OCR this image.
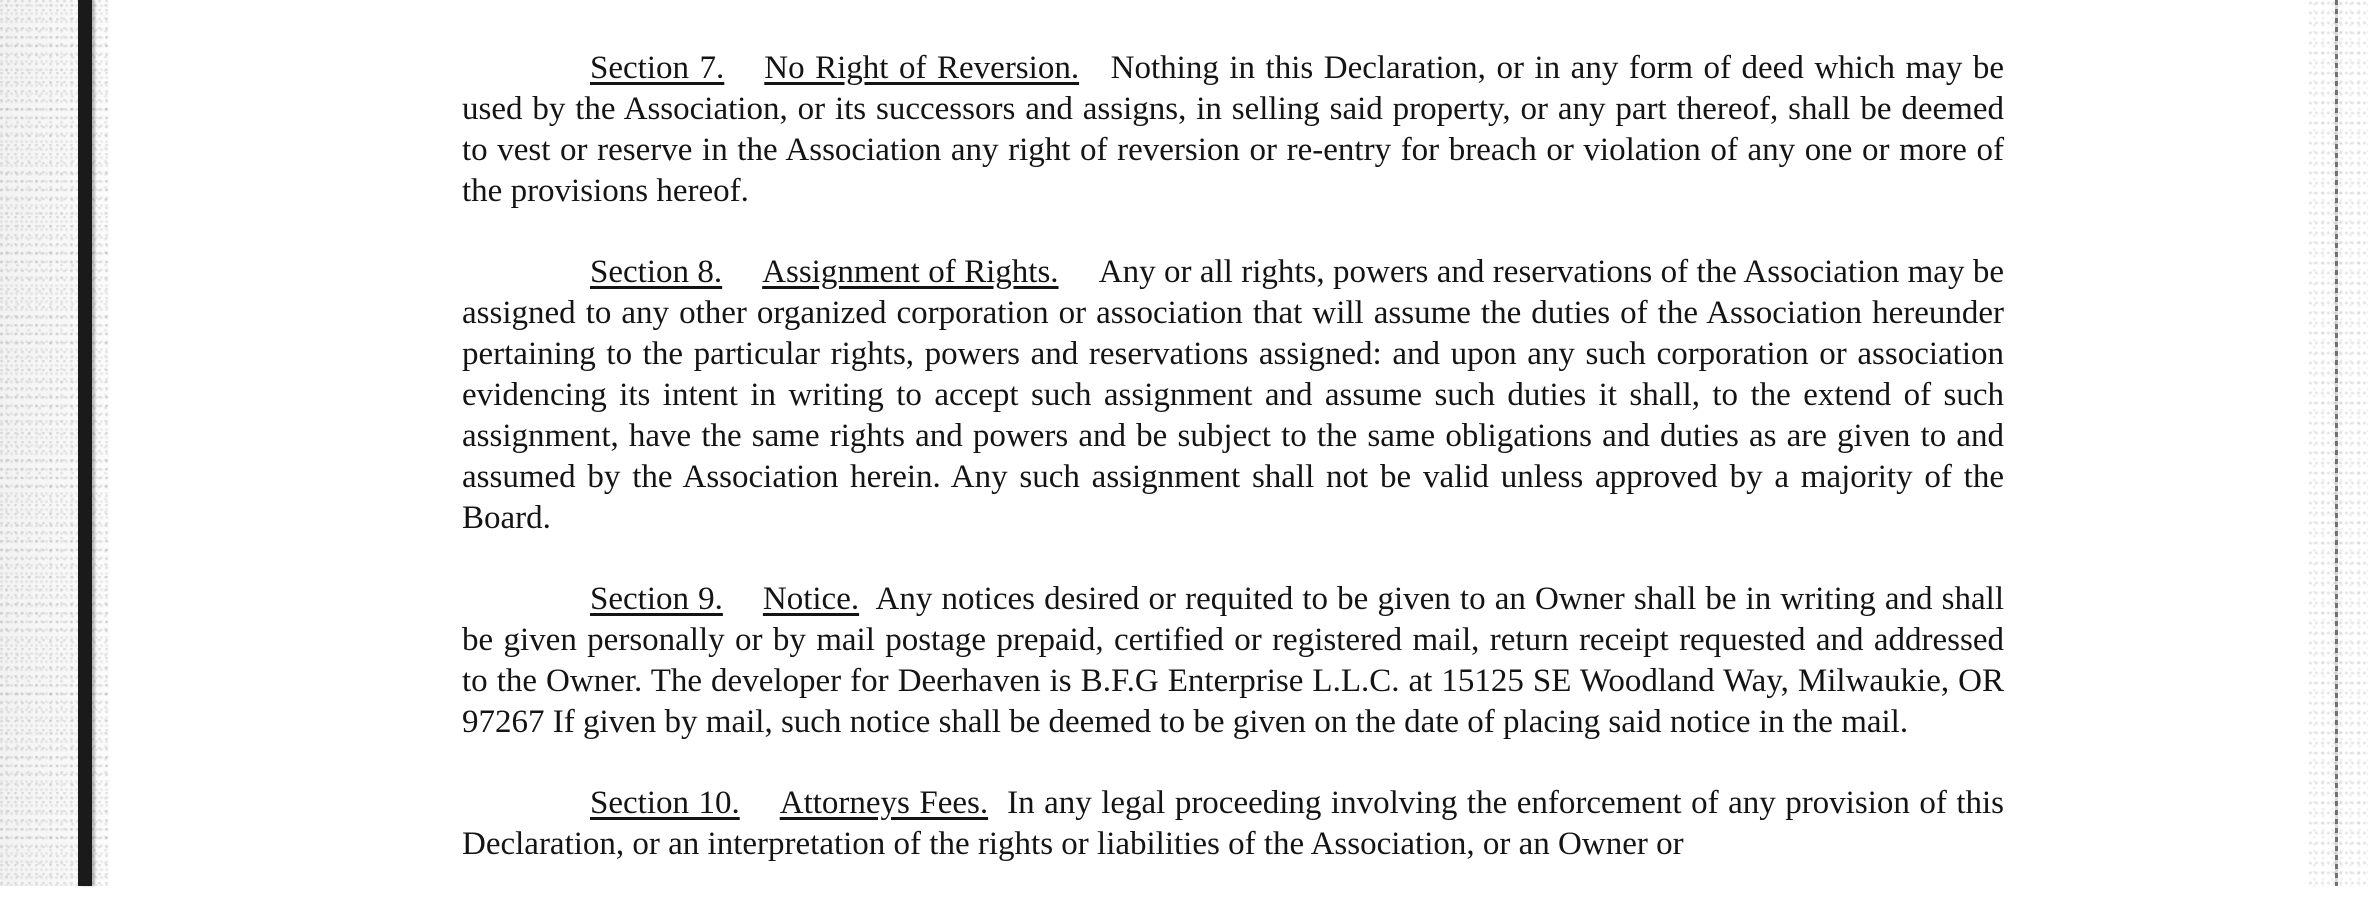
Section 7. No Right of Reversion. Nothing in this Declaration, or in any form of deed which may be used by the Association, or its successors and assigns, in selling said property, or any part thereof, shall be deemed to vest or reserve in the Association any right of reversion or re-entry for breach or violation of any one or more of the provisions hereof.

Section 8. Assignment of Rights. Any or all rights, powers and reservations of the Association may be assigned to any other organized corporation or association that will assume the duties of the Association hereunder pertaining to the particular rights, powers and reservations assigned: and upon any such corporation or association evidencing its intent in writing to accept such assignment and assume such duties it shall, to the extend of such assignment, have the same rights and powers and be subject to the same obligations and duties as are given to and assumed by the Association herein. Any such assignment shall not be valid unless approved by a majority of the Board.

Section 9. Notice. Any notices desired or requited to be given to an Owner shall be in writing and shall be given personally or by mail postage prepaid, certified or registered mail, return receipt requested and addressed to the Owner. The developer for Deerhaven is B.F.G Enterprise L.L.C. at 15125 SE Woodland Way, Milwaukie, OR 97267 If given by mail, such notice shall be deemed to be given on the date of placing said notice in the mail.

Section 10. Attorneys Fees. In any legal proceeding involving the enforcement of any provision of this Declaration, or an interpretation of the rights or liabilities of the Association, or an Owner or
